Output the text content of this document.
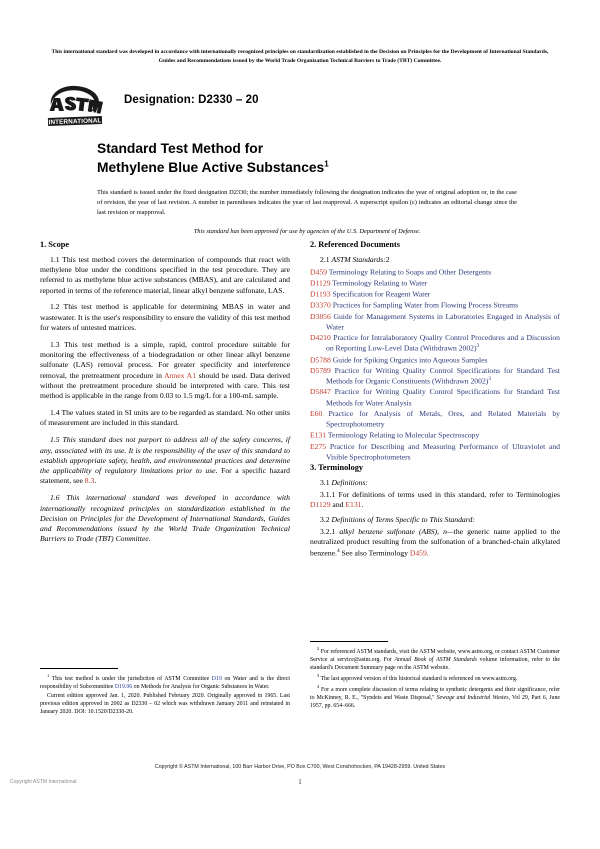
This international standard was developed in accordance with internationally recognized principles on standardization established in the Decision on Principles for the Development of International Standards, Guides and Recommendations issued by the World Trade Organization Technical Barriers to Trade (TBT) Committee.
INTERNATIONAL
Designation: D2330 – 20
Standard Test Method for
Methylene Blue Active Substances$^1$
This standard is issued under the fixed designation D2330; the number immediately following the designation indicates the year of original adoption or, in the case of revision, the year of last revision. A number in parentheses indicates the year of last reapproval. A superscript epsilon (ε) indicates an editorial change since the last revision or reapproval.
This standard has been approved for use by agencies of the U.S. Department of Defense.
1. Scope

1.1 This test method covers the determination of compounds that react with methylene blue under the conditions specified in the test procedure. They are referred to as methylene blue active substances (MBAS), and are calculated and reported in terms of the reference material, linear alkyl benzene sulfonate, LAS.

1.2 This test method is applicable for determining MBAS in water and wastewater. It is the user's responsibility to ensure the validity of this test method for waters of untested matrices.

1.3 This test method is a simple, rapid, control procedure suitable for monitoring the effectiveness of a biodegradation or other linear alkyl benzene sulfonate (LAS) removal process. For greater specificity and interference removal, the pretreatment procedure in Annex A1 should be used. Data derived without the pretreatment procedure should be interpreted with care. This test method is applicable in the range from 0.03 to 1.5 mg/L for a 100-mL sample.

1.4 The values stated in SI units are to be regarded as standard. No other units of measurement are included in this standard.

1.5 This standard does not purport to address all of the safety concerns, if any, associated with its use. It is the responsibility of the user of this standard to establish appropriate safety, health, and environmental practices and determine the applicability of regulatory limitations prior to use. For a specific hazard statement, see 8.3.

1.6 This international standard was developed in accordance with internationally recognized principles on standardization established in the Decision on Principles for the Development of International Standards, Guides and Recommendations issued by the World Trade Organization Technical Barriers to Trade (TBT) Committee.

2. Referenced Documents
2.1 ASTM Standards:2
D459 Terminology Relating to Soaps and Other Detergents
D1129 Terminology Relating to Water
D1193 Specification for Reagent Water
D3370 Practices for Sampling Water from Flowing Process Streams
D3856 Guide for Management Systems in Laboratories Engaged in Analysis of Water
D4210 Practice for Intralaboratory Quality Control Procedures and a Discussion on Reporting Low-Level Data (Withdrawn 2002)$^3$
D5788 Guide for Spiking Organics into Aqueous Samples
D5789 Practice for Writing Quality Control Specifications for Standard Test Methods for Organic Constituents (Withdrawn 2002)$^3$
D5847 Practice for Writing Quality Control Specifications for Standard Test Methods for Water Analysis
E60 Practice for Analysis of Metals, Ores, and Related Materials by Spectrophotometry
E131 Terminology Relating to Molecular Spectroscopy
E275 Practice for Describing and Measuring Performance of Ultraviolet and Visible Spectrophotometers
3. Terminology
3.1 Definitions:

3.1.1 For definitions of terms used in this standard, refer to Terminologies D1129 and E131.

3.2 Definitions of Terms Specific to This Standard:

3.2.1 alkyl benzene sulfonate (ABS), n—the generic name applied to the neutralized product resulting from the sulfonation of a branched-chain alkylated benzene.$^4$ See also Terminology D459.

$^1$ This test method is under the jurisdiction of ASTM Committee D19 on Water and is the direct responsibility of Subcommittee D19.06 on Methods for Analysis for Organic Substances in Water.

Current edition approved Jan. 1, 2020. Published February 2020. Originally approved in 1965. Last previous edition approved in 2002 as D2330 – 02 which was withdrawn January 2011 and reinstated in January 2020. DOI: 10.1520/D2330-20.

$^2$ For referenced ASTM standards, visit the ASTM website, www.astm.org, or contact ASTM Customer Service at service@astm.org. For Annual Book of ASTM Standards volume information, refer to the standard's Document Summary page on the ASTM website.

$^3$ The last approved version of this historical standard is referenced on www.astm.org.

$^4$ For a more complete discussion of terms relating to synthetic detergents and their significance, refer to McKinney, R. E., "Syndets and Waste Disposal," Sewage and Industrial Wastes, Vol 29, Part 6, June 1957, pp. 654–666.

Copyright © ASTM International, 100 Barr Harbor Drive, PO Box C700, West Conshohocken, PA 19428-2959. United States
Copyright ASTM International	1
